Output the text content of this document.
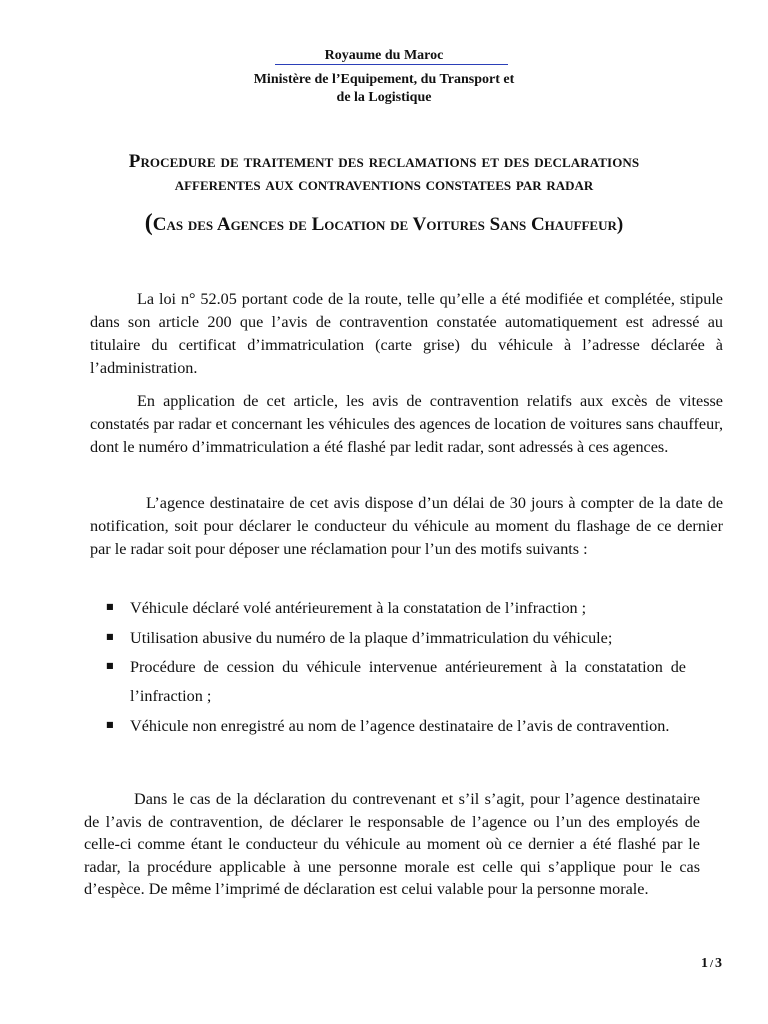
Royaume du Maroc
Ministère de l’Equipement, du Transport et
de la Logistique
Procedure de traitement des reclamations et des declarations
afferentes aux contraventions constatees par radar
(Cas des Agences de Location de Voitures Sans Chauffeur)
La loi n° 52.05 portant code de la route, telle qu’elle a été modifiée et complétée, stipule dans son article 200 que l’avis de contravention constatée automatiquement est adressé au titulaire du certificat d’immatriculation (carte grise) du véhicule à l’adresse déclarée à l’administration.
En application de cet article, les avis de contravention relatifs aux excès de vitesse constatés par radar et concernant les véhicules des agences de location de voitures sans chauffeur, dont le numéro d’immatriculation a été flashé par ledit radar, sont adressés à ces agences.
L’agence destinataire de cet avis dispose d’un délai de 30 jours à compter de la date de notification, soit pour déclarer le conducteur du véhicule au moment du flashage de ce dernier par le radar soit pour déposer une réclamation pour l’un des motifs suivants :
■ Véhicule déclaré volé antérieurement à la constatation de l’infraction ;
■ Utilisation abusive du numéro de la plaque d’immatriculation du véhicule;
■ Procédure de cession du véhicule intervenue antérieurement à la constatation de l’infraction ;
■ Véhicule non enregistré au nom de l’agence destinataire de l’avis de contravention.
Dans le cas de la déclaration du contrevenant et s’il s’agit, pour l’agence destinataire de l’avis de contravention, de déclarer le responsable de l’agence ou l’un des employés de celle-ci comme étant le conducteur du véhicule au moment où ce dernier a été flashé par le radar, la procédure applicable à une personne morale est celle qui s’applique pour le cas d’espèce. De même l’imprimé de déclaration est celui valable pour la personne morale.
1 / 3
